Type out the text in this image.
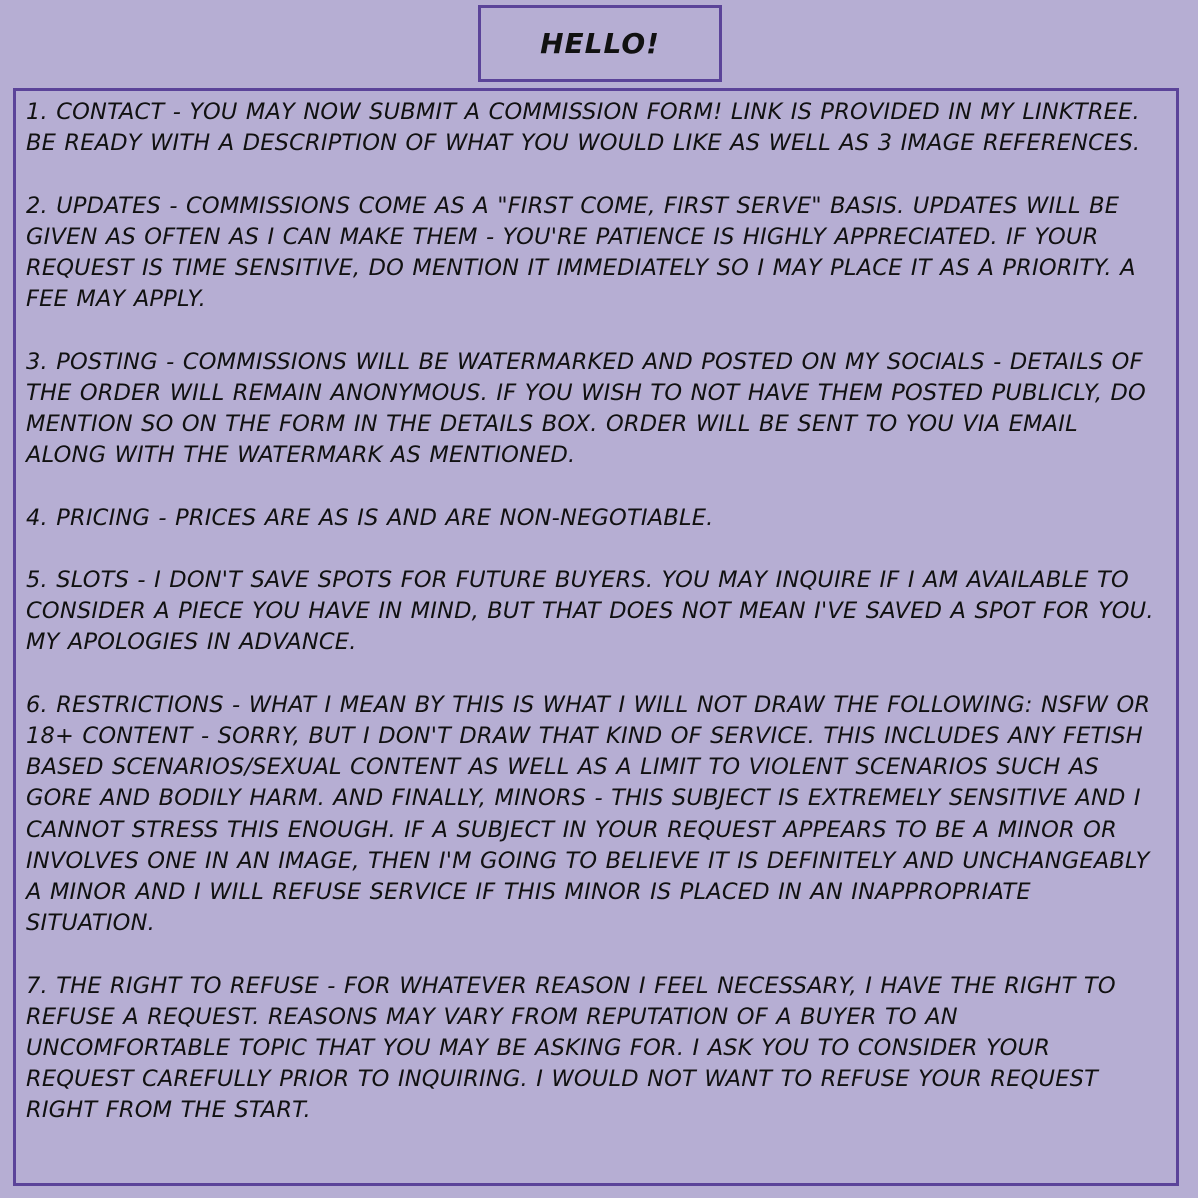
HELLO!

1. CONTACT - YOU MAY NOW SUBMIT A COMMISSION FORM! LINK IS PROVIDED IN MY LINKTREE. BE READY WITH A DESCRIPTION OF WHAT YOU WOULD LIKE AS WELL AS 3 IMAGE REFERENCES.

2. UPDATES - COMMISSIONS COME AS A "FIRST COME, FIRST SERVE" BASIS. UPDATES WILL BE GIVEN AS OFTEN AS I CAN MAKE THEM - YOU'RE PATIENCE IS HIGHLY APPRECIATED. IF YOUR REQUEST IS TIME SENSITIVE, DO MENTION IT IMMEDIATELY SO I MAY PLACE IT AS A PRIORITY. A FEE MAY APPLY.

3. POSTING - COMMISSIONS WILL BE WATERMARKED AND POSTED ON MY SOCIALS - DETAILS OF THE ORDER WILL REMAIN ANONYMOUS. IF YOU WISH TO NOT HAVE THEM POSTED PUBLICLY, DO MENTION SO ON THE FORM IN THE DETAILS BOX. ORDER WILL BE SENT TO YOU VIA EMAIL ALONG WITH THE WATERMARK AS MENTIONED.

4. PRICING - PRICES ARE AS IS AND ARE NON-NEGOTIABLE.

5. SLOTS - I DON'T SAVE SPOTS FOR FUTURE BUYERS. YOU MAY INQUIRE IF I AM AVAILABLE TO CONSIDER A PIECE YOU HAVE IN MIND, BUT THAT DOES NOT MEAN I'VE SAVED A SPOT FOR YOU. MY APOLOGIES IN ADVANCE.

6. RESTRICTIONS - WHAT I MEAN BY THIS IS WHAT I WILL NOT DRAW THE FOLLOWING: NSFW OR 18+ CONTENT - SORRY, BUT I DON'T DRAW THAT KIND OF SERVICE. THIS INCLUDES ANY FETISH BASED SCENARIOS/SEXUAL CONTENT AS WELL AS A LIMIT TO VIOLENT SCENARIOS SUCH AS GORE AND BODILY HARM. AND FINALLY, MINORS - THIS SUBJECT IS EXTREMELY SENSITIVE AND I CANNOT STRESS THIS ENOUGH. IF A SUBJECT IN YOUR REQUEST APPEARS TO BE A MINOR OR INVOLVES ONE IN AN IMAGE, THEN I'M GOING TO BELIEVE IT IS DEFINITELY AND UNCHANGEABLY A MINOR AND I WILL REFUSE SERVICE IF THIS MINOR IS PLACED IN AN INAPPROPRIATE SITUATION.

7. THE RIGHT TO REFUSE - FOR WHATEVER REASON I FEEL NECESSARY, I HAVE THE RIGHT TO REFUSE A REQUEST. REASONS MAY VARY FROM REPUTATION OF A BUYER TO AN UNCOMFORTABLE TOPIC THAT YOU MAY BE ASKING FOR. I ASK YOU TO CONSIDER YOUR REQUEST CAREFULLY PRIOR TO INQUIRING. I WOULD NOT WANT TO REFUSE YOUR REQUEST RIGHT FROM THE START.
